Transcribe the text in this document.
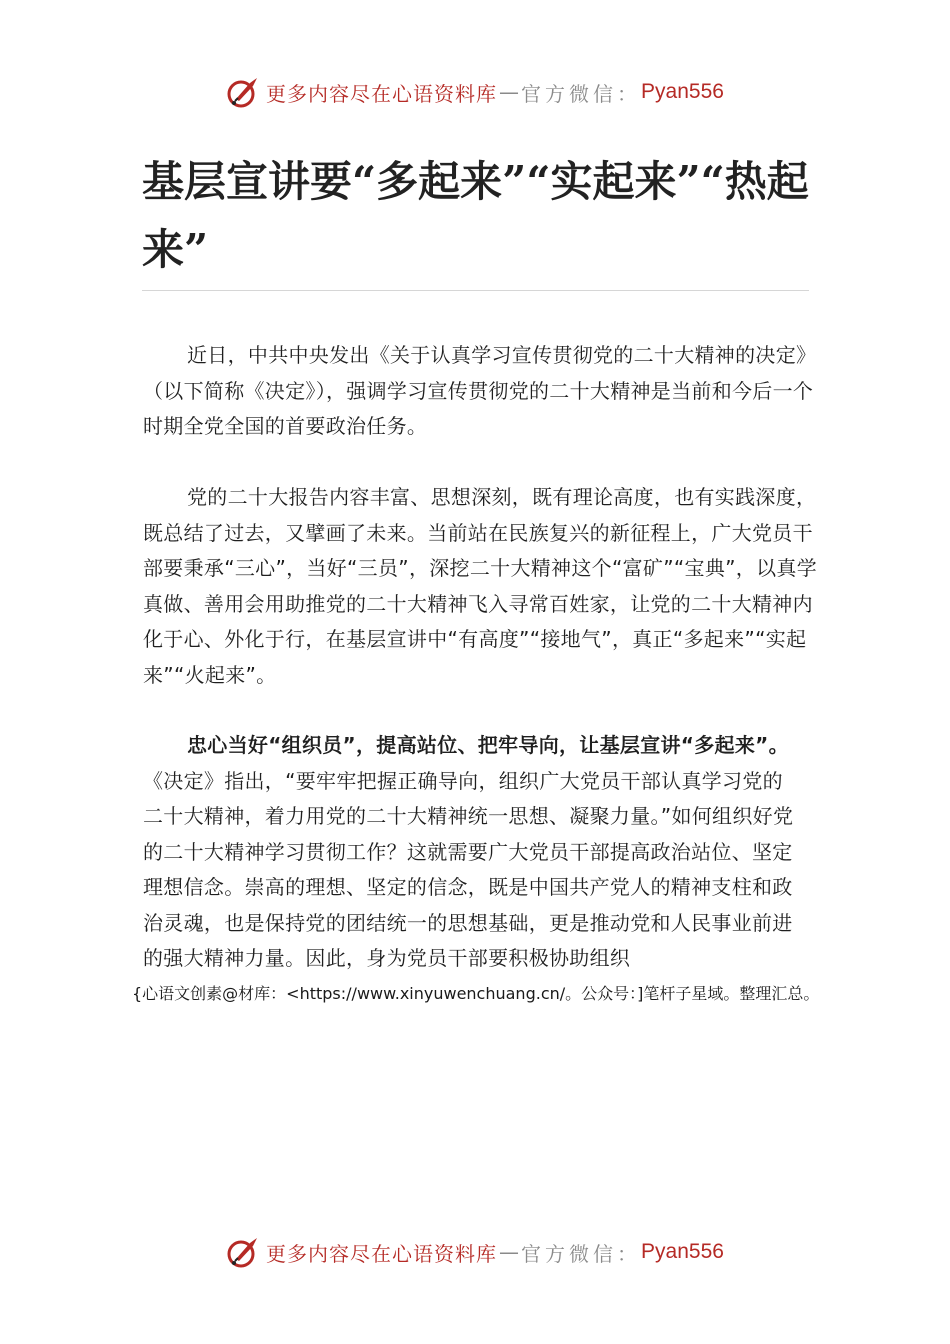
更多内容尽在心语资料库 — 官方微信： Pyan556
基层宣讲要“多起来”“实起来”“热起来”

近日，中共中央发出《关于认真学习宣传贯彻党的二十大精神的决定》（以下简称《决定》），强调学习宣传贯彻党的二十大精神是当前和今后一个时期全党全国的首要政治任务。

党的二十大报告内容丰富、思想深刻，既有理论高度，也有实践深度，既总结了过去，又擘画了未来。当前站在民族复兴的新征程上，广大党员干部要秉承“三心”，当好“三员”，深挖二十大精神这个“富矿”“宝典”，以真学真做、善用会用助推党的二十大精神飞入寻常百姓家，让党的二十大精神内化于心、外化于行，在基层宣讲中“有高度”“接地气”，真正“多起来”“实起来”“火起来”。

忠心当好“组织员”，提高站位、把牢导向，让基层宣讲“多起来”。
《决定》指出，“要牢牢把握正确导向，组织广大党员干部认真学习党的二十大精神，着力用党的二十大精神统一思想、凝聚力量。”如何组织好党的二十大精神学习贯彻工作？这就需要广大党员干部提高政治站位、坚定理想信念。崇高的理想、坚定的信念，既是中国共产党人的精神支柱和政治灵魂，也是保持党的团结统一的思想基础，更是推动党和人民事业前进的强大精神力量。因此，身为党员干部要积极协助组织

{心语文创素@材库：<https://www.xinyuwenchuang.cn/。公众号：]笔杆子星域。整理汇总。

更多内容尽在心语资料库 — 官方微信： Pyan556
